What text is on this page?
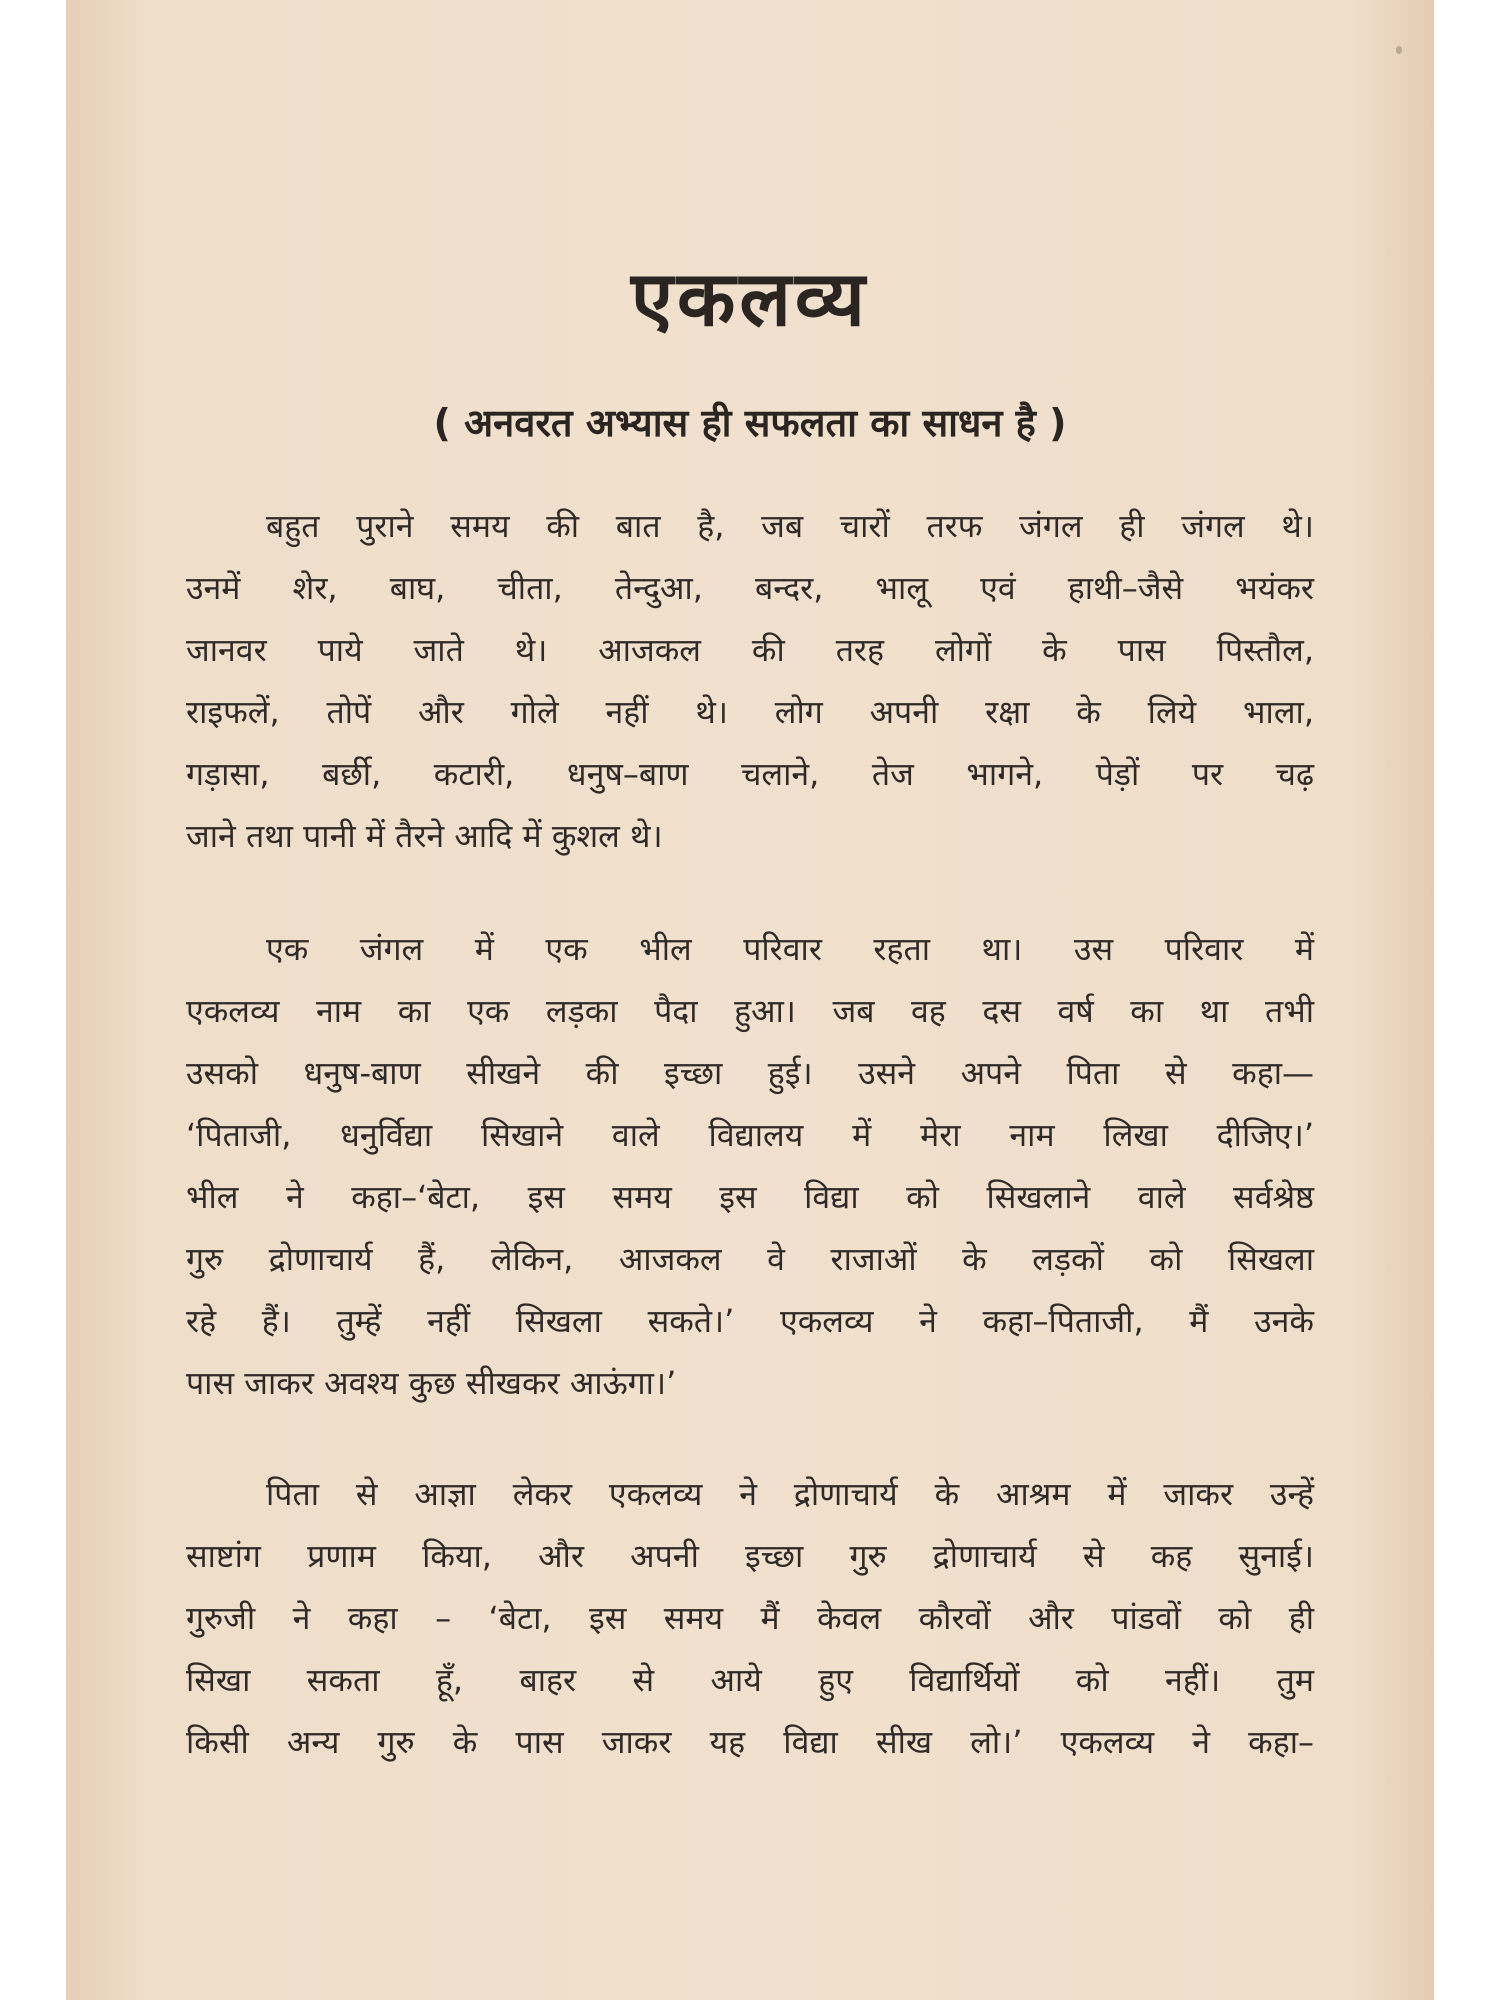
एकलव्य
( अनवरत अभ्यास ही सफलता का साधन है )

बहुत पुराने समय की बात है, जब चारों तरफ जंगल ही जंगल थे।
उनमें शेर, बाघ, चीता, तेन्दुआ, बन्दर, भालू एवं हाथी–जैसे भयंकर
जानवर पाये जाते थे। आजकल की तरह लोगों के पास पिस्तौल,
राइफलें, तोपें और गोले नहीं थे। लोग अपनी रक्षा के लिये भाला,
गड़ासा, बर्छी, कटारी, धनुष–बाण चलाने, तेज भागने, पेड़ों पर चढ़
जाने तथा पानी में तैरने आदि में कुशल थे।

एक जंगल में एक भील परिवार रहता था। उस परिवार में
एकलव्य नाम का एक लड़का पैदा हुआ। जब वह दस वर्ष का था तभी
उसको धनुष-बाण सीखने की इच्छा हुई। उसने अपने पिता से कहा—
‘पिताजी, धनुर्विद्या सिखाने वाले विद्यालय में मेरा नाम लिखा दीजिए।’
भील ने कहा–‘बेटा, इस समय इस विद्या को सिखलाने वाले सर्वश्रेष्ठ
गुरु द्रोणाचार्य हैं, लेकिन, आजकल वे राजाओं के लड़कों को सिखला
रहे हैं। तुम्हें नहीं सिखला सकते।’ एकलव्य ने कहा–पिताजी, मैं उनके
पास जाकर अवश्य कुछ सीखकर आऊंगा।’

पिता से आज्ञा लेकर एकलव्य ने द्रोणाचार्य के आश्रम में जाकर उन्हें
साष्टांग प्रणाम किया, और अपनी इच्छा गुरु द्रोणाचार्य से कह सुनाई।
गुरुजी ने कहा – ‘बेटा, इस समय मैं केवल कौरवों और पांडवों को ही
सिखा सकता हूँ, बाहर से आये हुए विद्यार्थियों को नहीं। तुम
किसी अन्य गुरु के पास जाकर यह विद्या सीख लो।’ एकलव्य ने कहा–
